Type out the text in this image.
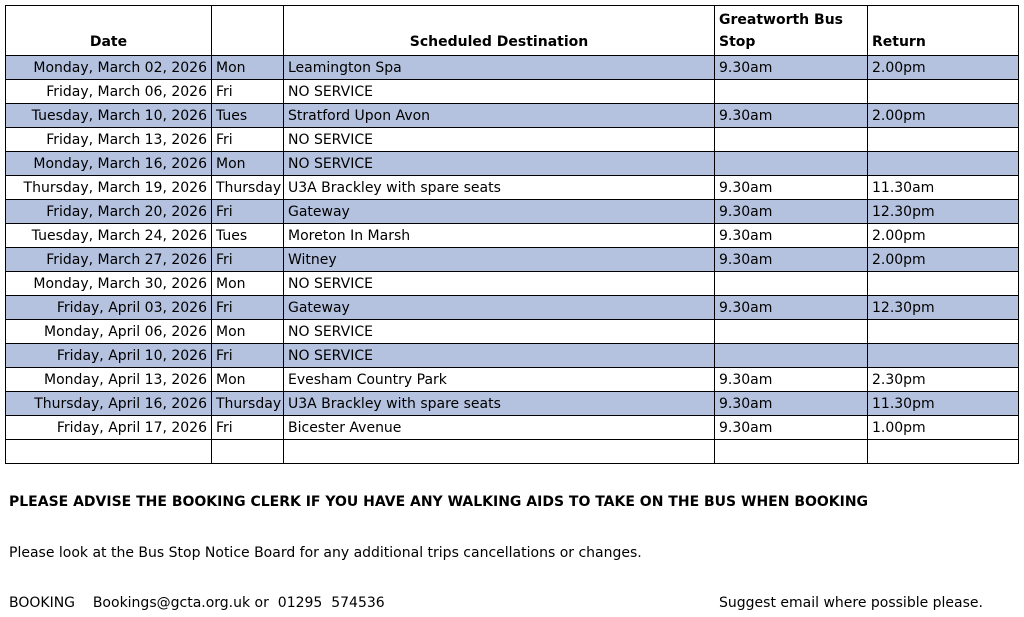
Date		Scheduled Destination	Greatworth Bus Stop	Return
Monday, March 02, 2026	Mon	Leamington Spa	9.30am	2.00pm
Friday, March 06, 2026	Fri	NO SERVICE		
Tuesday, March 10, 2026	Tues	Stratford Upon Avon	9.30am	2.00pm
Friday, March 13, 2026	Fri	NO SERVICE		
Monday, March 16, 2026	Mon	NO SERVICE		
Thursday, March 19, 2026	Thursday	U3A Brackley with spare seats	9.30am	11.30am
Friday, March 20, 2026	Fri	Gateway	9.30am	12.30pm
Tuesday, March 24, 2026	Tues	Moreton In Marsh	9.30am	2.00pm
Friday, March 27, 2026	Fri	Witney	9.30am	2.00pm
Monday, March 30, 2026	Mon	NO SERVICE		
Friday, April 03, 2026	Fri	Gateway	9.30am	12.30pm
Monday, April 06, 2026	Mon	NO SERVICE		
Friday, April 10, 2026	Fri	NO SERVICE		
Monday, April 13, 2026	Mon	Evesham Country Park	9.30am	2.30pm
Thursday, April 16, 2026	Thursday	U3A Brackley with spare seats	9.30am	11.30pm
Friday, April 17, 2026	Fri	Bicester Avenue	9.30am	1.00pm

PLEASE ADVISE THE BOOKING CLERK IF YOU HAVE ANY WALKING AIDS TO TAKE ON THE BUS WHEN BOOKING
Please look at the Bus Stop Notice Board for any additional trips cancellations or changes.
BOOKING    Bookings@gcta.org.uk or  01295  574536	Suggest email where possible please.
